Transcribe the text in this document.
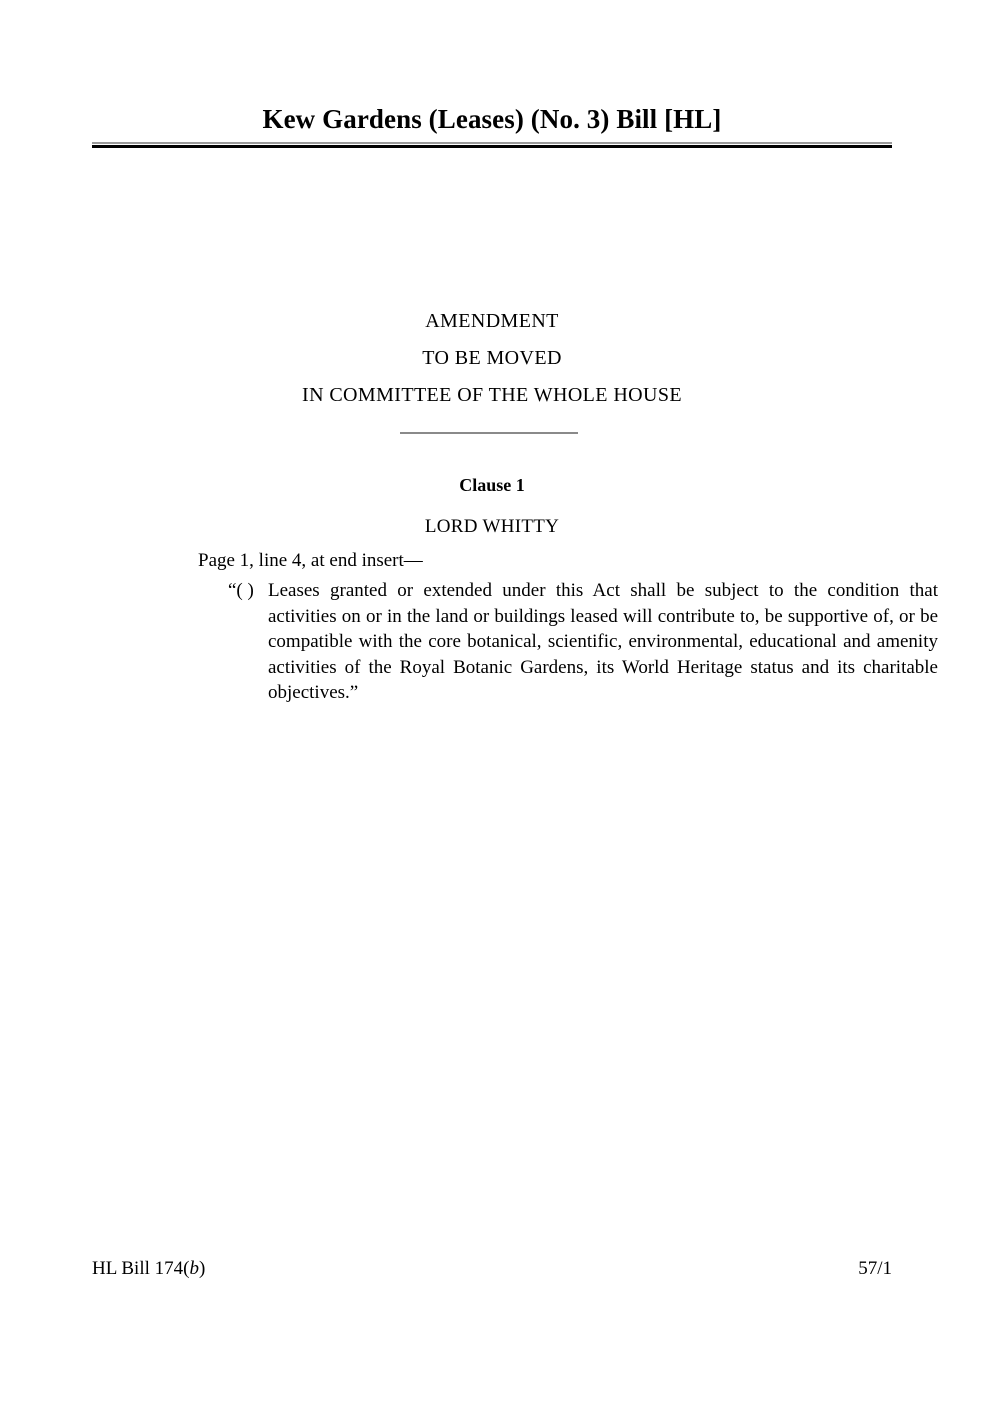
Kew Gardens (Leases) (No. 3) Bill [HL]
AMENDMENT
TO BE MOVED
IN COMMITTEE OF THE WHOLE HOUSE
Clause 1
LORD WHITTY
Page 1, line 4, at end insert—
“( ) Leases granted or extended under this Act shall be subject to the condition that activities on or in the land or buildings leased will contribute to, be supportive of, or be compatible with the core botanical, scientific, environmental, educational and amenity activities of the Royal Botanic Gardens, its World Heritage status and its charitable objectives.”
HL Bill 174(b)	57/1
